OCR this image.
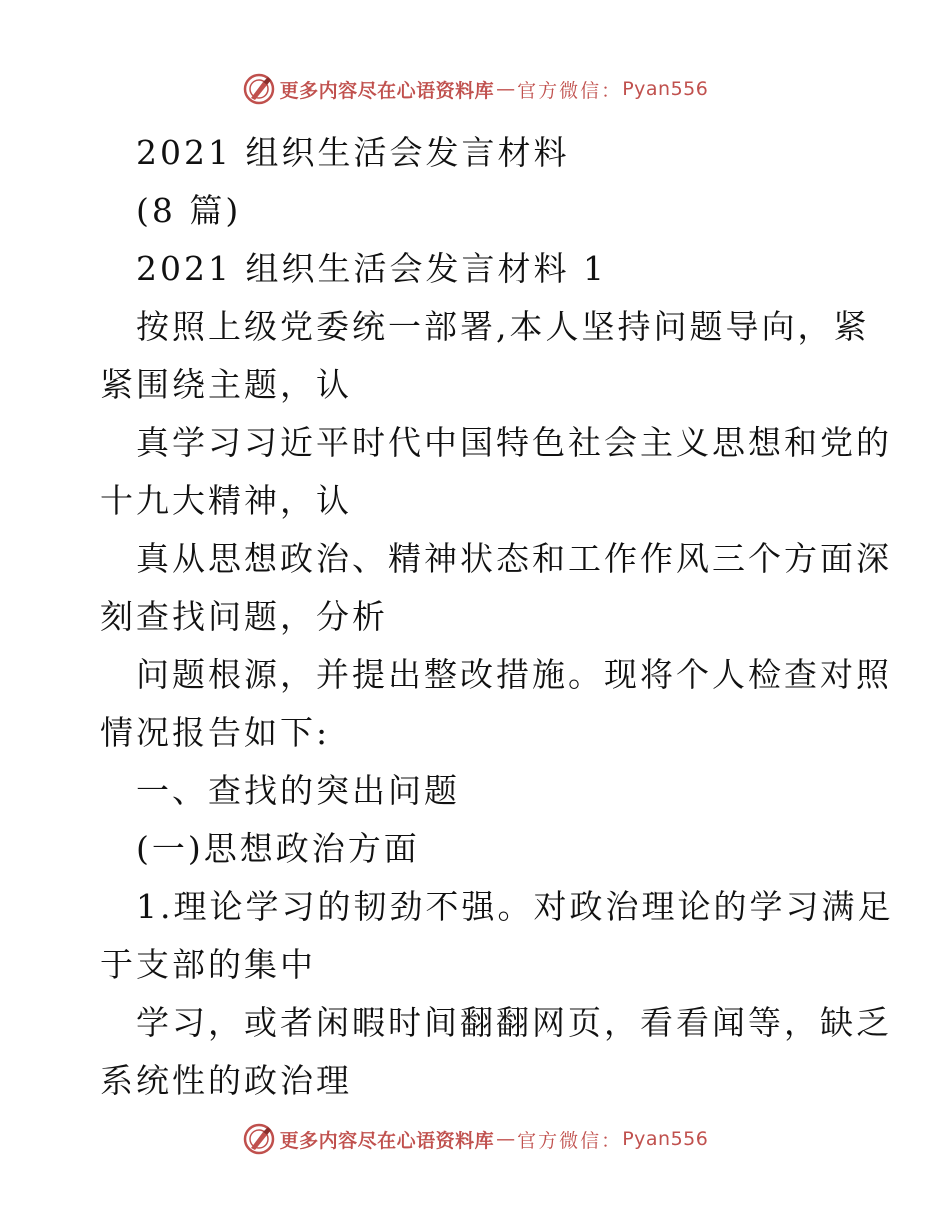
更多内容尽在心语资料库 — 官方微信： Pyan556
2021 组织生活会发言材料
(8 篇)
2021 组织生活会发言材料 1
按照上级党委统一部署,本人坚持问题导向，紧
紧围绕主题，认
真学习习近平时代中国特色社会主义思想和党的
十九大精神，认
真从思想政治、精神状态和工作作风三个方面深
刻查找问题，分析
问题根源，并提出整改措施。现将个人检查对照
情况报告如下:
一、查找的突出问题
(一)思想政治方面
1.理论学习的韧劲不强。对政治理论的学习满足
于支部的集中
学习，或者闲暇时间翻翻网页，看看闻等，缺乏
系统性的政治理
更多内容尽在心语资料库 — 官方微信： Pyan556
